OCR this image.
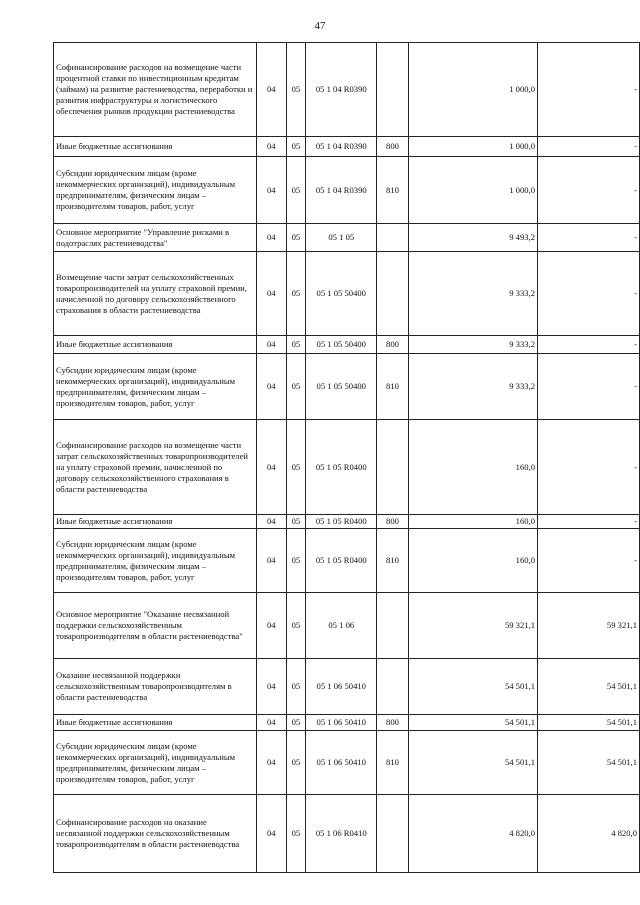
47
Софинансирование расходов на возмещение части процентной ставки по инвестиционным кредитам (займам) на развитие растениеводства, переработки и развития инфраструктуры и логистического обеспечения рынков продукции растениеводства	04	05	05 1 04 R0390		1 000,0	-
Иные бюджетные ассигнования	04	05	05 1 04 R0390	800	1 000,0	-
Субсидии юридическим лицам (кроме некоммерческих организаций), индивидуальным предпринимателям, физическим лицам – производителям товаров, работ, услуг	04	05	05 1 04 R0390	810	1 000,0	-
Основное мероприятие "Управление рисками в подотраслях растениеводства"	04	05	05 1 05		9 493,2	-
Возмещение части затрат сельскохозяйственных товаропроизводителей на уплату страховой премии, начисленной по договору сельскохозяйственного страхования в области растениеводства	04	05	05 1 05 50400		9 333,2	-
Иные бюджетные ассигнования	04	05	05 1 05 50400	800	9 333,2	-
Субсидии юридическим лицам (кроме некоммерческих организаций), индивидуальным предпринимателям, физическим лицам – производителям товаров, работ, услуг	04	05	05 1 05 50400	810	9 333,2	-
Софинансирование расходов на возмещение части затрат сельскохозяйственных товаропроизводителей на уплату страховой премии, начисленной по договору сельскохозяйственного страхования в области растениеводства	04	05	05 1 05 R0400		160,0	-
Иные бюджетные ассигнования	04	05	05 1 05 R0400	800	160,0	-
Субсидии юридическим лицам (кроме некоммерческих организаций), индивидуальным предпринимателям, физическим лицам – производителям товаров, работ, услуг	04	05	05 1 05 R0400	810	160,0	-
Основное мероприятие "Оказание несвязанной поддержки сельскохозяйственным товаропроизводителям в области растениеводства"	04	05	05 1 06		59 321,1	59 321,1
Оказание несвязанной поддержки сельскохозяйственным товаропроизводителям в области растениеводства	04	05	05 1 06 50410		54 501,1	54 501,1
Иные бюджетные ассигнования	04	05	05 1 06 50410	800	54 501,1	54 501,1
Субсидии юридическим лицам (кроме некоммерческих организаций), индивидуальным предпринимателям, физическим лицам – производителям товаров, работ, услуг	04	05	05 1 06 50410	810	54 501,1	54 501,1
Софинансирование расходов на оказание несвязанной поддержки сельскохозяйственным товаропроизводителям в области растениеводства	04	05	05 1 06 R0410		4 820,0	4 820,0
